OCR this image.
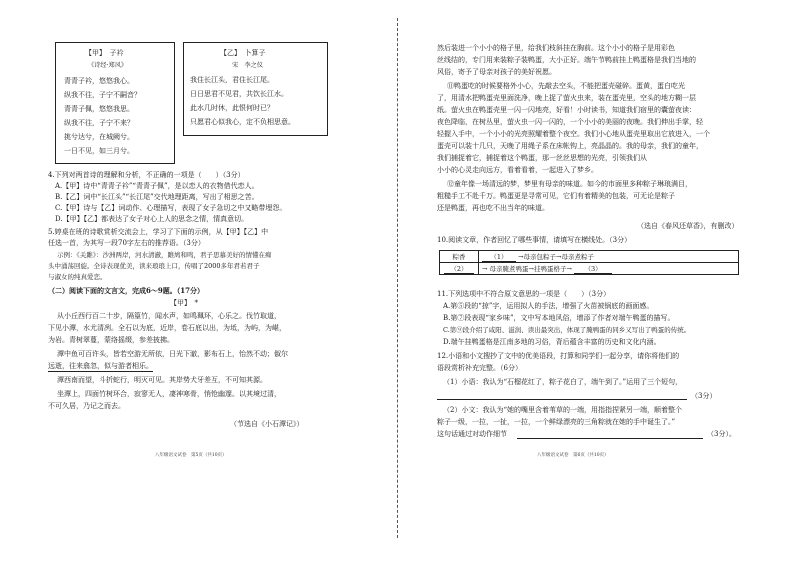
【甲】　子衿
《诗经·郑风》
青青子衿，悠悠我心。
纵我不往，子宁不嗣音？
青青子佩，悠悠我思。
纵我不往，子宁不来？
挑兮达兮，在城阙兮。
一日不见，如三月兮。
【乙】　卜算子
宋　李之仪
我住长江头，君住长江尾。
日日思君不见君，共饮长江水。
此水几时休，此恨何时已？
只愿君心似我心，定不负相思意。
4.下列对两首诗的理解和分析，不正确的一项是（　　）（3分）
A.【甲】诗中“青青子衿”“青青子佩”，是以恋人的衣物借代恋人。
B.【乙】词中“长江头”“长江尾”交代地理距离，写出了相思之苦。
C.【甲】诗与【乙】词动作、心理描写，表现了女子急切之中又略带埋怨。
D.【甲】【乙】都表达了女子对心上人的思念之情，情真意切。
5.婷桌在班的诗歌赏析交流会上，学习了下面的示例，从【甲】【乙】中
任选一首，为其写一段70字左右的推荐语。（3分）
示例：《关雎》：沙洲两岸，河水清澈，雎鸠和鸣，君子思慕美好的情懂在痴
头中涌荡回旋。全诗表现优美，读来琅琅上口，传唱了2000多年君若君子
与淑女的纯真爱恋。
（二）阅读下面的文言文，完成6～9题。（17分）
【甲】　*
从小丘西行百二十步，隔篁竹，闻水声，如鸣珮环，心乐之。伐竹取道，
下见小潭，水尤清冽。全石以为底，近岸，卷石底以出，为坻，为屿，为嵁，
为岩。青树翠蔓，蒙络摇缀，参差披拂。
潭中鱼可百许头，皆若空游无所依，日光下澈，影布石上，怡然不动；俶尔
远逝，往来翕忽，似与游者相乐。
潭西南而望，斗折蛇行，明灭可见。其岸势犬牙差互，不可知其源。
坐潭上，四面竹树环合，寂寥无人，凄神寒骨，悄怆幽邃。以其境过清，
不可久居，乃记之而去。
（节选自《小石潭记》）
八年级语文试卷　第5页（共10页）
然后装进一个小小的格子里，给我们枝斜挂在胸前。这个小小的格子是用彩色
丝线结的，专门用来装粽子装鸭蛋，大小正好。端午节鸭前挂上鸭蛋格是我们当地的
风俗，寄予了母亲对孩子的美好祝愿。
⑪鸭蛋吃的时候要格外小心，先敲去空头，不能把蛋壳碰碎。蛋黄，蛋白吃光
了，用清水把鸭蛋壳里面洗净，晚上捉了萤火虫来，装在蛋壳里，空头的地方糊一层
纸。萤火虫在鸭蛋壳里一闪一闪地亮，好看！小时读书，知道我们宿里的囊萤夜读：
夜色降临，在树丛里，萤火虫一闪一闪的，一个小小的美丽的夜晚。我们伸出手掌，轻
轻握入手中，一个小小的光亮照耀着整个夜空。我们小心地从蛋壳里取出它放进入，一个
蛋壳可以装十几只，天晚了用绳子系在床帐钩上，亮晶晶的。我的母亲，我们的童年，
我们捕捉着它，捕捉着这个鸭蛋，那一丝丝思想的光亮，引领我们从
小小的心灵走向远方，看着看着，一起进入了梦乡。
⑫童年像一场清远的梦，梦里有母亲的味道。如今的市面里多种粽子琳琅满目，
粗糙手工不赴千万。鸭蛋更是寻常可见，它们有着精美的包装，可无论是粽子
还是鸭蛋，再也吃不出当年的味道。
（选自《春风还草香》，有删改）
10.阅读文章，作者回忆了哪些事情，请填写在横线处。（3分）
粽香	（1） →母亲包粽子→母亲煮粽子
（2）	→ 母亲腌煮鸭蛋→挂鸭蛋格子→ （3）
11.下列选项中不符合原文意思的一项是（　　）（3分）
A.第⑤段的“掠”字，运用拟人的手法，增强了火苗被锅底的画面感。
B.第⑦段表现“家乡味”，文中写本地风俗，增添了作者对端午鸭蛋的描写。
C.第⑨段介绍了咸阳、滋润、读出最突出，体现了腌鸭蛋的同乡又写出了鸭蛋的传统。
D.端午挂鸭蛋格是江南多地的习俗，背后蕴含丰富的历史和文化内涵。
12.小语和小文搜抄了文中的优美语段，打算和同学们一起分享，请你将他们的
语段赏析补充完整。（6分）
（1）小语：我认为“石榴花红了，粽子花白了，端午到了。”运用了三个短句，
（3分）
（2）小文：我认为“她的嘴里含着苇草的一端，用指指捏紧另一端，顺着整个
粽子一级，一拉，一扯，一拉，一个鲜绿漂亮的三角粽就在她的手中诞生了。”
这句话通过对动作细节	（3分）。
八年级语文试卷　第6页（共10页）
